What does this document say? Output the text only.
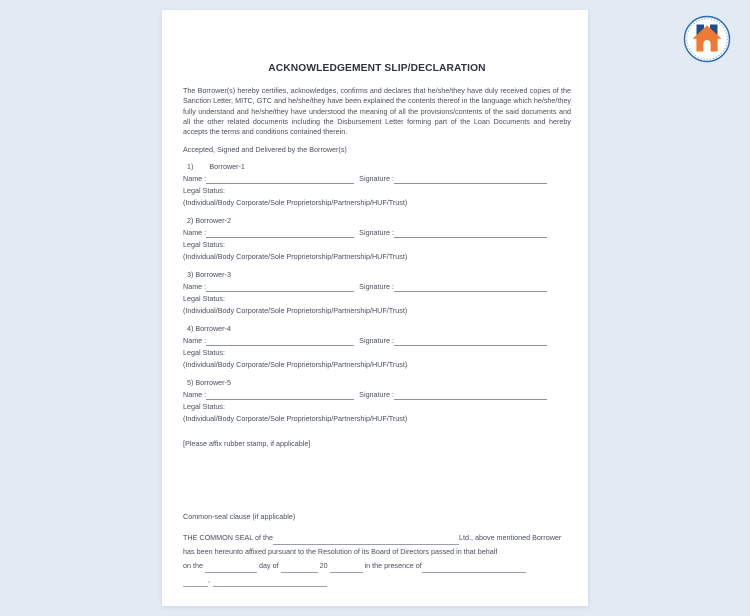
ACKNOWLEDGEMENT SLIP/DECLARATION

The Borrower(s) hereby certifies, acknowledges, confirms and declares that he/she/they have duly received copies of the Sanction Letter, MITC, GTC and he/she/they have been explained the contents thereof in the language which he/she/they fully understand and he/she/they have understood the meaning of all the provisions/contents of the said documents and all the other related documents including the Disbursement Letter forming part of the Loan Documents and hereby accepts the terms and conditions contained therein.

Accepted, Signed and Delivered by the Borrower(s)
1)        Borrower-1
Name :	Signature :
Legal Status:
(Individual/Body Corporate/Sole Proprietorship/Partnership/HUF/Trust)
2) Borrower-2
Name :	Signature :
Legal Status:
(Individual/Body Corporate/Sole Proprietorship/Partnership/HUF/Trust)
3) Borrower-3
Name :	Signature :
Legal Status:
(Individual/Body Corporate/Sole Proprietorship/Partnership/HUF/Trust)
4) Borrower-4
Name :	Signature :
Legal Status:
(Individual/Body Corporate/Sole Proprietorship/Partnership/HUF/Trust)
5) Borrower-5
Name :	Signature :
Legal Status:
(Individual/Body Corporate/Sole Proprietorship/Partnership/HUF/Trust)
[Please affix rubber stamp, if applicable]
Common-seal clause (if applicable)
THE COMMON SEAL of the	Ltd., above mentioned Borrower
has been hereunto affixed pursuant to the Resolution of its Board of Directors passed in that behalf
on the	day of	20	in the presence of
,
